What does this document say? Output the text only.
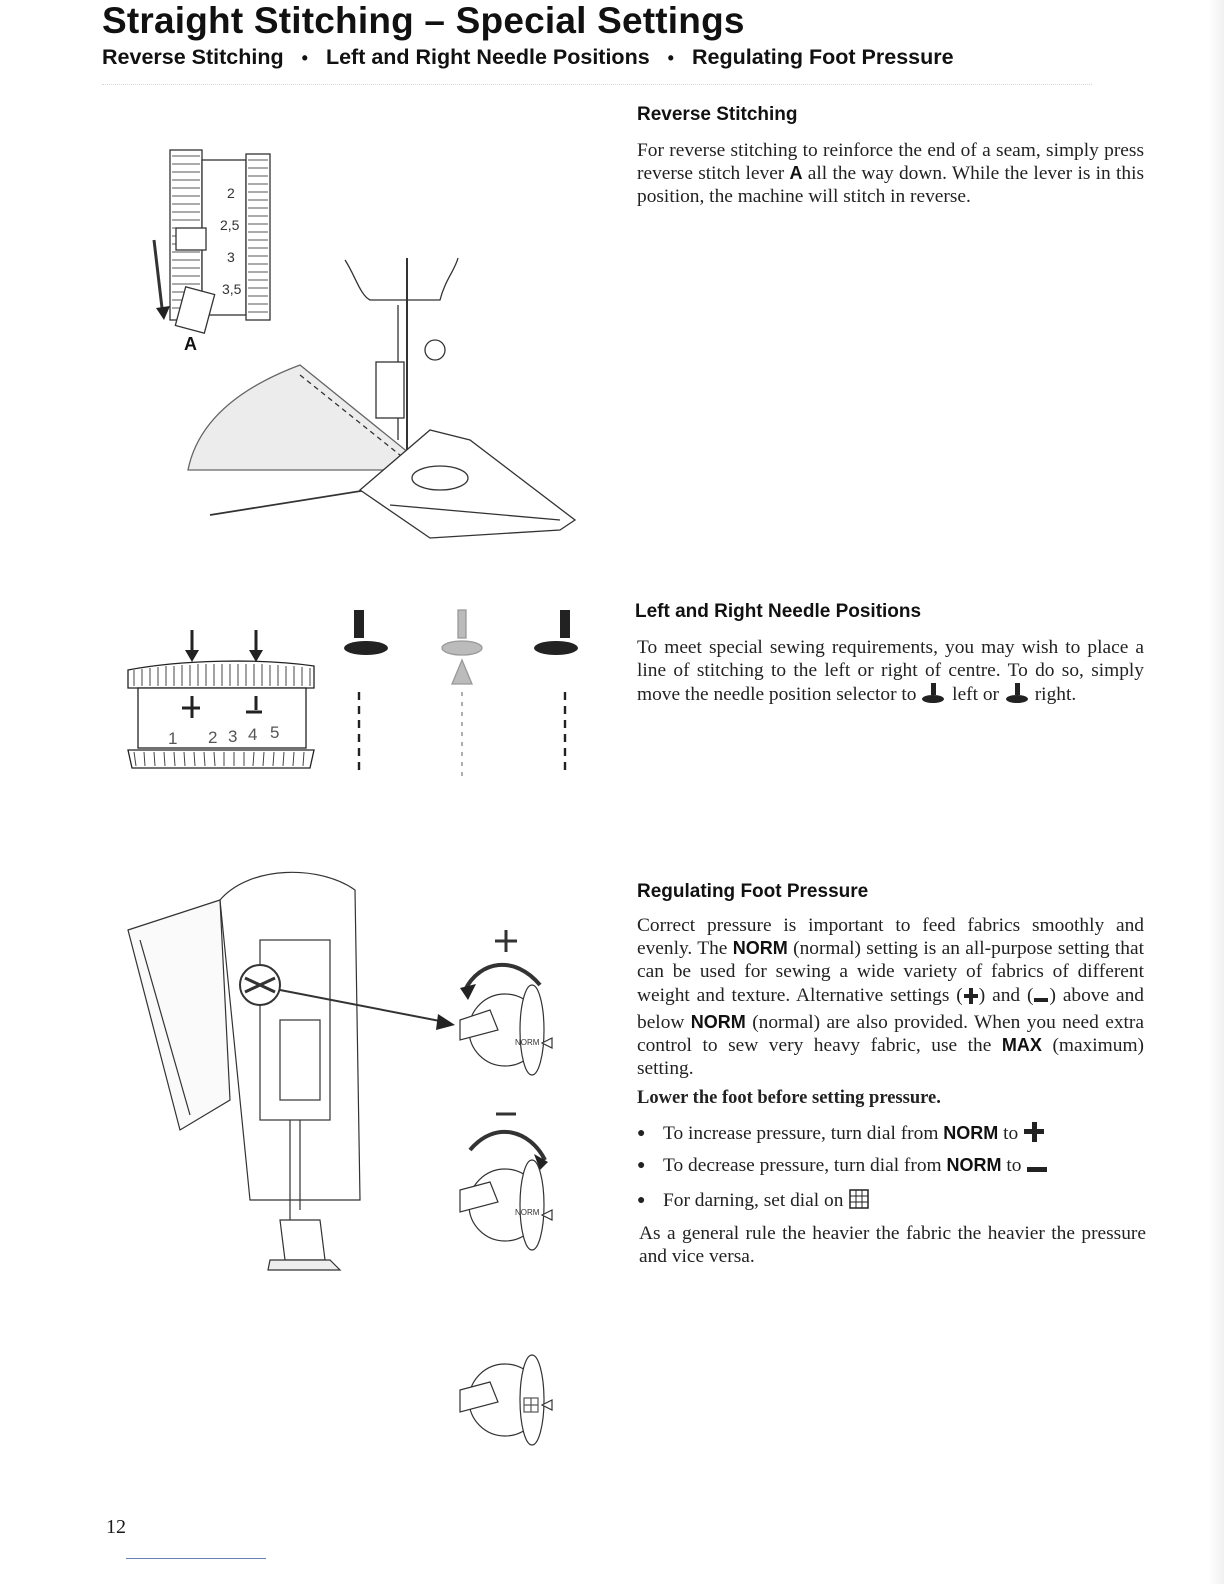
Straight Stitching – Special Settings
Reverse Stitching • Left and Right Needle Positions • Regulating Foot Pressure
2
2,5
3
3,5
A
Reverse Stitching

For reverse stitching to reinforce the end of a seam, simply press reverse stitch lever A all the way down. While the lever is in this position, the machine will stitch in reverse.

1 2 3 4 5
Left and Right Needle Positions

To meet special sewing requirements, you may wish to place a line of stitching to the left or right of centre. To do so, simply move the needle position selector to  left or  right.

NORM
NORM
Regulating Foot Pressure

Correct pressure is important to feed fabrics smoothly and evenly. The NORM (normal) setting is an all-purpose setting that can be used for sewing a wide variety of fabrics of different weight and texture. Alternative settings ( ) and ( ) above and below NORM (normal) are also provided. When you need extra control to sew very heavy fabric, use the MAX (maximum) setting.

Lower the foot before setting pressure.
● To increase pressure, turn dial from NORM to
● To decrease pressure, turn dial from NORM to
● For darning, set dial on

As a general rule the heavier the fabric the heavier the pressure and vice versa.

12
